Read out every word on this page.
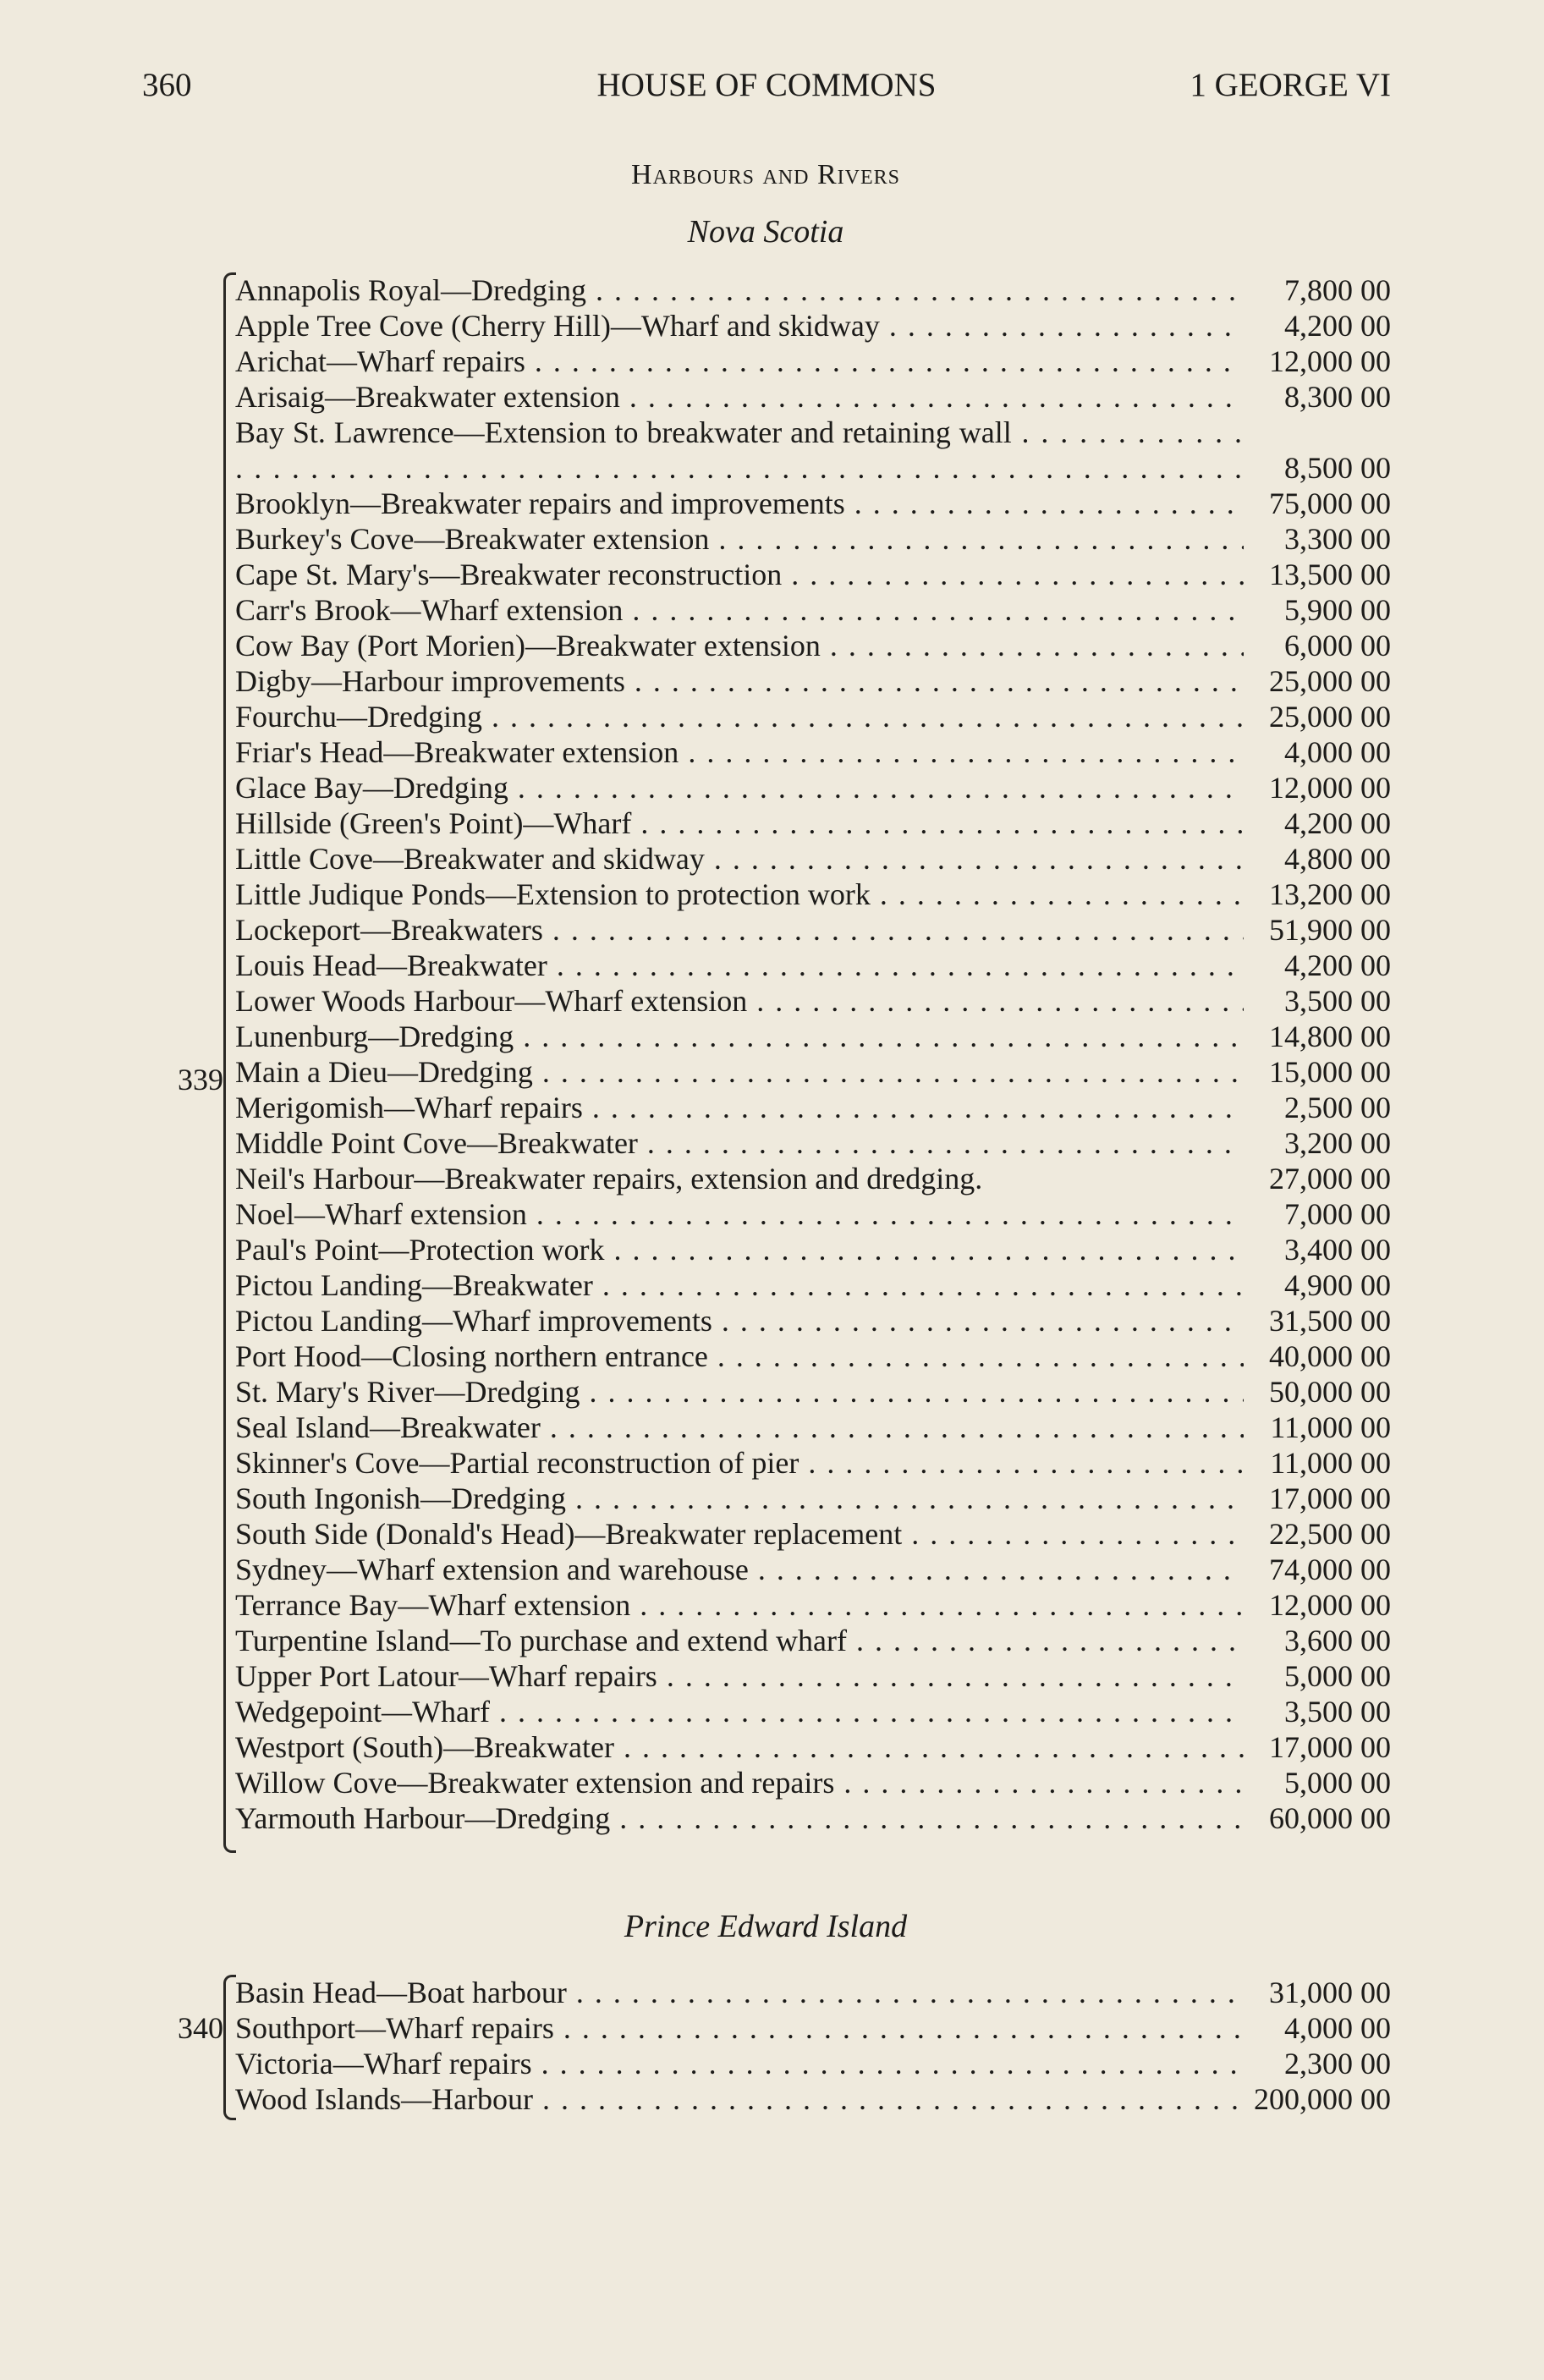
360	HOUSE OF COMMONS	1 GEORGE VI
Harbours and Rivers
Nova Scotia
339
Annapolis Royal—Dredging . . .	7,800 00
Apple Tree Cove (Cherry Hill)—Wharf and skidway . . .	4,200 00
Arichat—Wharf repairs . . .	12,000 00
Arisaig—Breakwater extension . . .	8,300 00
Bay St. Lawrence—Extension to breakwater and retaining wall . . .
8,500 00
Brooklyn—Breakwater repairs and improvements . . .	75,000 00
Burkey's Cove—Breakwater extension . . .	3,300 00
Cape St. Mary's—Breakwater reconstruction . . .	13,500 00
Carr's Brook—Wharf extension . . .	5,900 00
Cow Bay (Port Morien)—Breakwater extension . . .	6,000 00
Digby—Harbour improvements . . .	25,000 00
Fourchu—Dredging . . .	25,000 00
Friar's Head—Breakwater extension . . .	4,000 00
Glace Bay—Dredging . . .	12,000 00
Hillside (Green's Point)—Wharf . . .	4,200 00
Little Cove—Breakwater and skidway . . .	4,800 00
Little Judique Ponds—Extension to protection work . . .	13,200 00
Lockeport—Breakwaters . . .	51,900 00
Louis Head—Breakwater . . .	4,200 00
Lower Woods Harbour—Wharf extension . . .	3,500 00
Lunenburg—Dredging . . .	14,800 00
Main a Dieu—Dredging . . .	15,000 00
Merigomish—Wharf repairs . . .	2,500 00
Middle Point Cove—Breakwater . . .	3,200 00
Neil's Harbour—Breakwater repairs, extension and dredging.	27,000 00
Noel—Wharf extension . . .	7,000 00
Paul's Point—Protection work . . .	3,400 00
Pictou Landing—Breakwater . . .	4,900 00
Pictou Landing—Wharf improvements . . .	31,500 00
Port Hood—Closing northern entrance . . .	40,000 00
St. Mary's River—Dredging . . .	50,000 00
Seal Island—Breakwater . . .	11,000 00
Skinner's Cove—Partial reconstruction of pier . . .	11,000 00
South Ingonish—Dredging . . .	17,000 00
South Side (Donald's Head)—Breakwater replacement . . .	22,500 00
Sydney—Wharf extension and warehouse . . .	74,000 00
Terrance Bay—Wharf extension . . .	12,000 00
Turpentine Island—To purchase and extend wharf . . .	3,600 00
Upper Port Latour—Wharf repairs . . .	5,000 00
Wedgepoint—Wharf . . .	3,500 00
Westport (South)—Breakwater . . .	17,000 00
Willow Cove—Breakwater extension and repairs . . .	5,000 00
Yarmouth Harbour—Dredging . . .	60,000 00
Prince Edward Island
340
Basin Head—Boat harbour . . .	31,000 00
Southport—Wharf repairs . . .	4,000 00
Victoria—Wharf repairs . . .	2,300 00
Wood Islands—Harbour . . .	200,000 00
